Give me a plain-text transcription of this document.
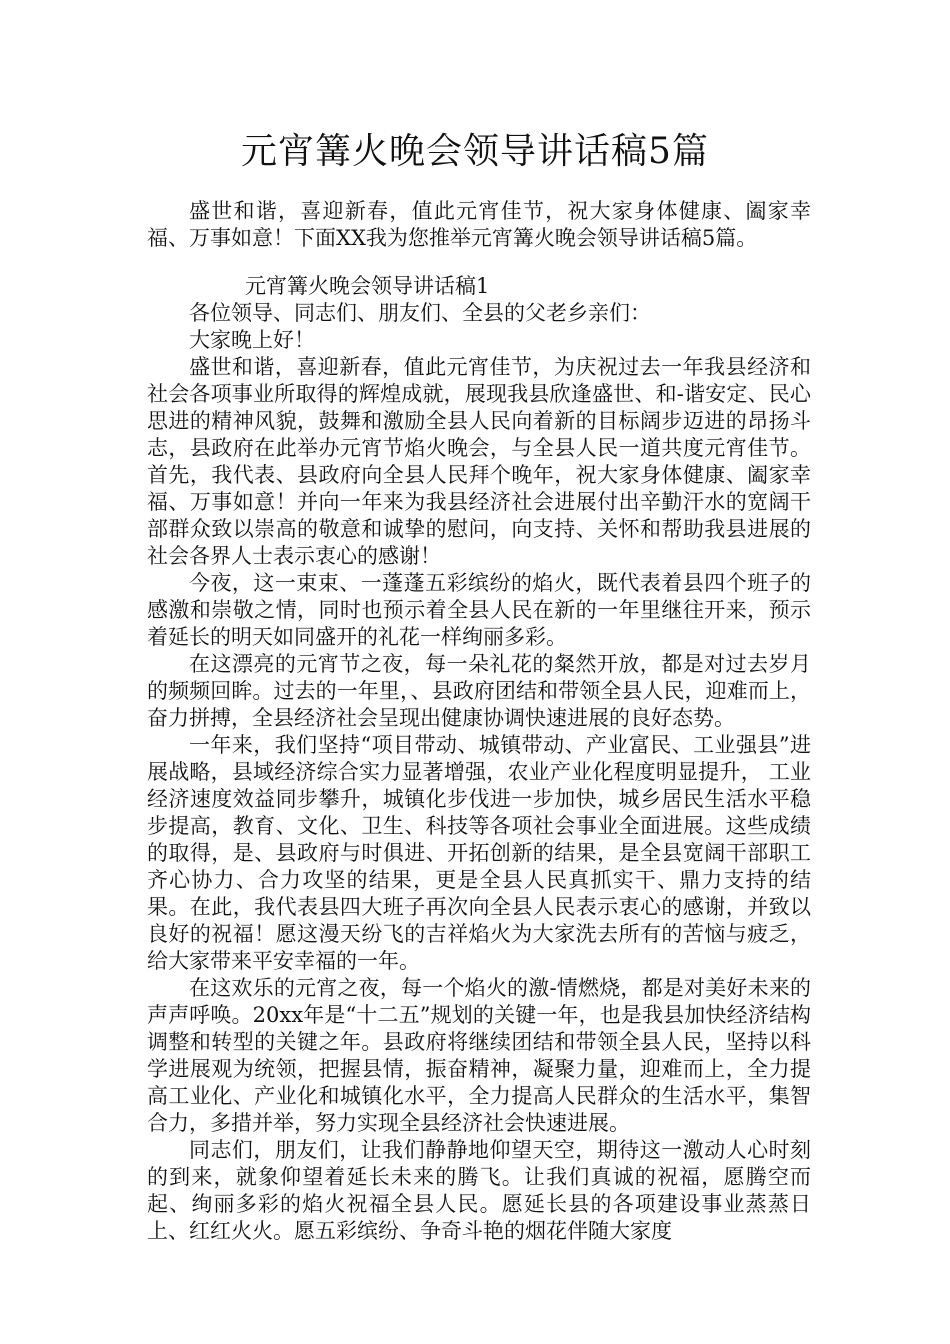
元宵篝火晚会领导讲话稿5篇

盛世和谐，喜迎新春，值此元宵佳节，祝大家身体健康、阖家幸福、万事如意！下面XX我为您推举元宵篝火晚会领导讲话稿5篇。

元宵篝火晚会领导讲话稿1

各位领导、同志们、朋友们、全县的父老乡亲们：

大家晚上好！

盛世和谐，喜迎新春，值此元宵佳节，为庆祝过去一年我县经济和社会各项事业所取得的辉煌成就，展现我县欣逢盛世、和-谐安定、民心思进的精神风貌，鼓舞和激励全县人民向着新的目标阔步迈进的昂扬斗志，县政府在此举办元宵节焰火晚会，与全县人民一道共度元宵佳节。首先，我代表、县政府向全县人民拜个晚年，祝大家身体健康、阖家幸福、万事如意！并向一年来为我县经济社会进展付出辛勤汗水的宽阔干部群众致以崇高的敬意和诚挚的慰问，向支持、关怀和帮助我县进展的社会各界人士表示衷心的感谢！

今夜，这一束束、一蓬蓬五彩缤纷的焰火，既代表着县四个班子的感激和崇敬之情，同时也预示着全县人民在新的一年里继往开来，预示着延长的明天如同盛开的礼花一样绚丽多彩。

在这漂亮的元宵节之夜，每一朵礼花的粲然开放，都是对过去岁月的频频回眸。过去的一年里，、县政府团结和带领全县人民，迎难而上，奋力拼搏，全县经济社会呈现出健康协调快速进展的良好态势。

一年来，我们坚持“项目带动、城镇带动、产业富民、工业强县”进展战略，县域经济综合实力显著增强，农业产业化程度明显提升， 工业经济速度效益同步攀升，城镇化步伐进一步加快，城乡居民生活水平稳步提高，教育、文化、卫生、科技等各项社会事业全面进展。这些成绩的取得，是、县政府与时俱进、开拓创新的结果，是全县宽阔干部职工齐心协力、合力攻坚的结果，更是全县人民真抓实干、鼎力支持的结果。在此，我代表县四大班子再次向全县人民表示衷心的感谢，并致以良好的祝福！愿这漫天纷飞的吉祥焰火为大家洗去所有的苦恼与疲乏，给大家带来平安幸福的一年。

在这欢乐的元宵之夜，每一个焰火的激-情燃烧，都是对美好未来的声声呼唤。20xx年是“十二五”规划的关键一年，也是我县加快经济结构调整和转型的关键之年。县政府将继续团结和带领全县人民，坚持以科学进展观为统领，把握县情，振奋精神，凝聚力量，迎难而上，全力提高工业化、产业化和城镇化水平，全力提高人民群众的生活水平，集智合力，多措并举，努力实现全县经济社会快速进展。

同志们，朋友们，让我们静静地仰望天空，期待这一激动人心时刻的到来，就象仰望着延长未来的腾飞。让我们真诚的祝福，愿腾空而起、绚丽多彩的焰火祝福全县人民。愿延长县的各项建设事业蒸蒸日上、红红火火。愿五彩缤纷、争奇斗艳的烟花伴随大家度
